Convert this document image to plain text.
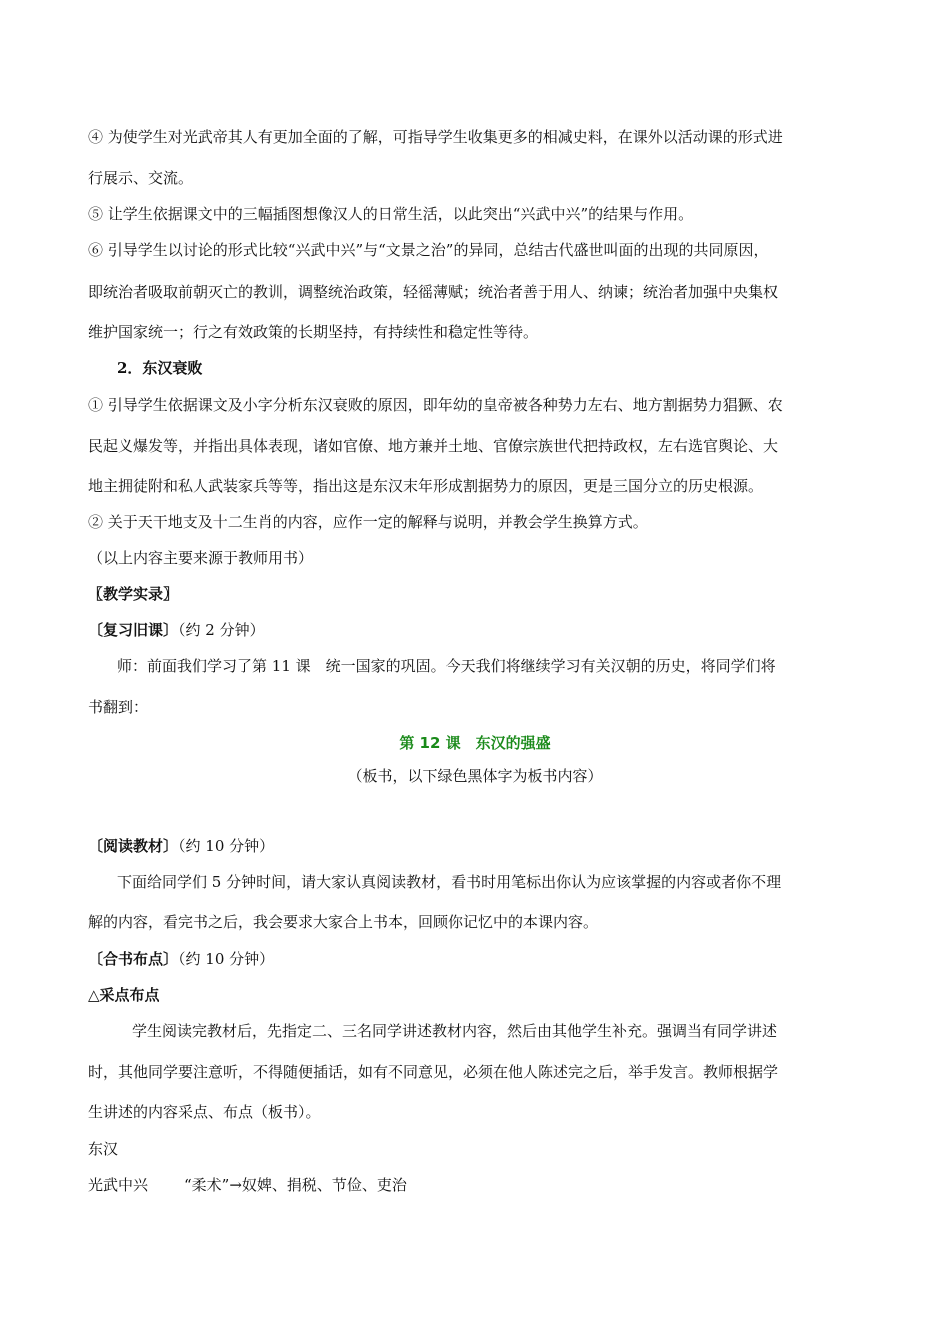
④ 为使学生对光武帝其人有更加全面的了解，可指导学生收集更多的相减史料，在课外以活动课的形式进
行展示、交流。
⑤ 让学生依据课文中的三幅插图想像汉人的日常生活，以此突出“兴武中兴”的结果与作用。
⑥ 引导学生以讨论的形式比较“兴武中兴”与“文景之治”的异同，总结古代盛世叫面的出现的共同原因，
即统治者吸取前朝灭亡的教训，调整统治政策，轻徭薄赋；统治者善于用人、纳谏；统治者加强中央集权
维护国家统一；行之有效政策的长期坚持，有持续性和稳定性等待。
2．东汉衰败
① 引导学生依据课文及小字分析东汉衰败的原因，即年幼的皇帝被各种势力左右、地方割据势力猖獗、农
民起义爆发等，并指出具体表现，诸如官僚、地方兼并土地、官僚宗族世代把持政权，左右选官舆论、大
地主拥徒附和私人武装家兵等等，指出这是东汉末年形成割据势力的原因，更是三国分立的历史根源。
② 关于天干地支及十二生肖的内容，应作一定的解释与说明，并教会学生换算方式。
（以上内容主要来源于教师用书）
〖教学实录〗
〔复习旧课〕（约 2 分钟）
师：前面我们学习了第 11 课　统一国家的巩固。今天我们将继续学习有关汉朝的历史，将同学们将
书翻到：
第 12 课　东汉的强盛
（板书，以下绿色黑体字为板书内容）
〔阅读教材〕（约 10 分钟）
下面给同学们 5 分钟时间，请大家认真阅读教材，看书时用笔标出你认为应该掌握的内容或者你不理
解的内容，看完书之后，我会要求大家合上书本，回顾你记忆中的本课内容。
〔合书布点〕（约 10 分钟）
△采点布点
学生阅读完教材后，先指定二、三名同学讲述教材内容，然后由其他学生补充。强调当有同学讲述
时，其他同学要注意听，不得随便插话，如有不同意见，必须在他人陈述完之后，举手发言。教师根据学
生讲述的内容采点、布点（板书）。
东汉
光武中兴 “柔术”→奴婢、捐税、节俭、吏治
